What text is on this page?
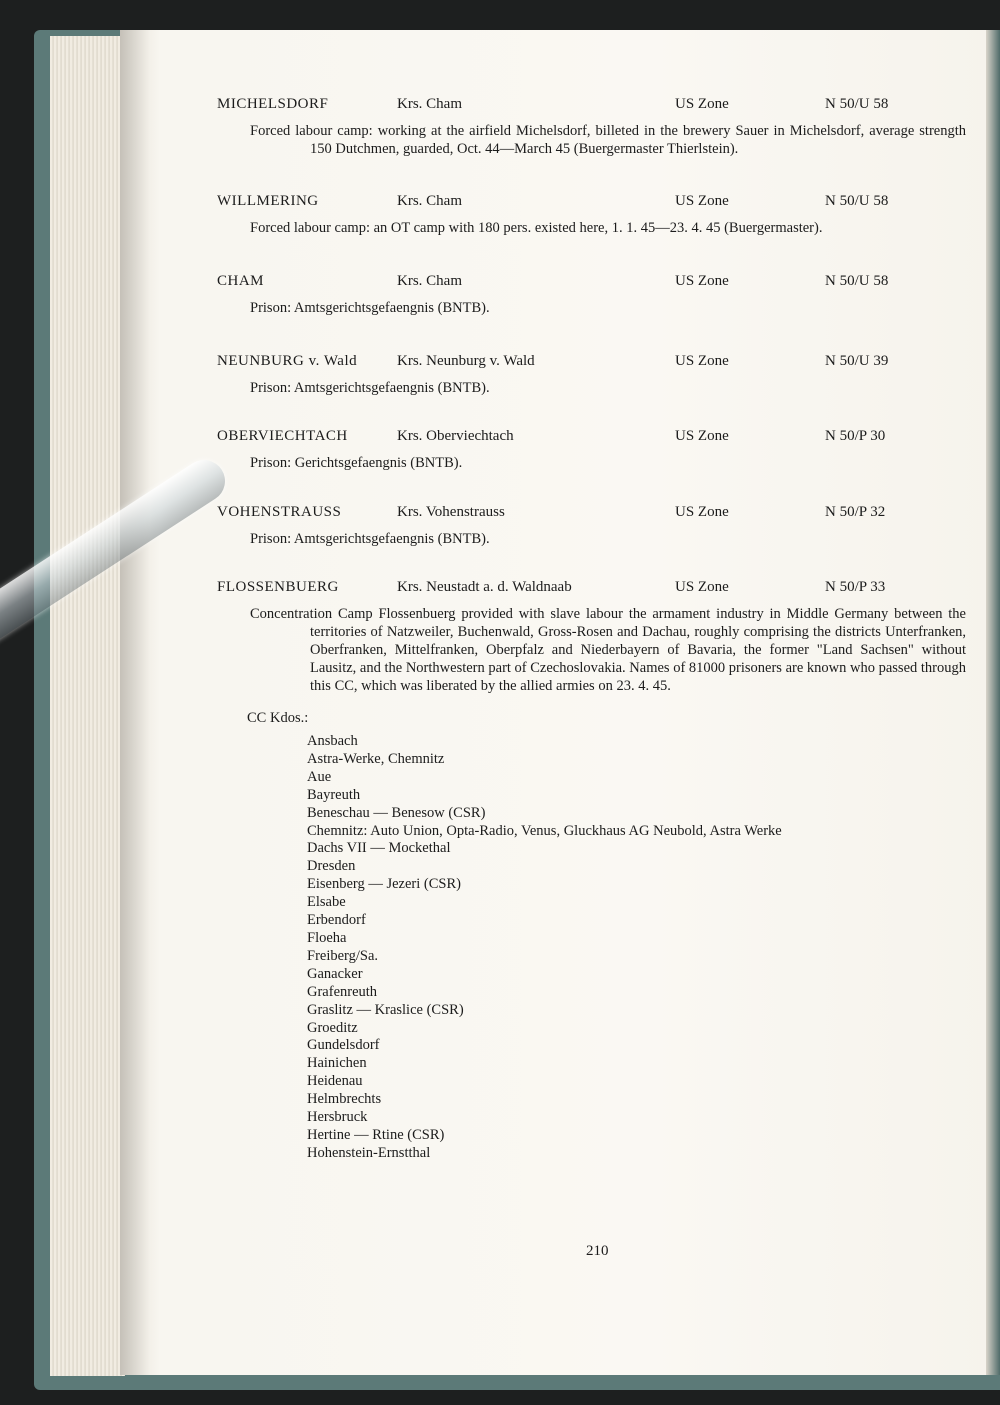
MICHELSDORF	Krs. Cham	US Zone	N 50/U 58
Forced labour camp: working at the airfield Michelsdorf, billeted in the brewery Sauer in Michelsdorf, average strength 150 Dutchmen, guarded, Oct. 44—March 45 (Buergermaster Thierlstein).
WILLMERING	Krs. Cham	US Zone	N 50/U 58
Forced labour camp: an OT camp with 180 pers. existed here, 1. 1. 45—23. 4. 45 (Buergermaster).
CHAM	Krs. Cham	US Zone	N 50/U 58
Prison: Amtsgerichtsgefaengnis (BNTB).
NEUNBURG v. Wald	Krs. Neunburg v. Wald	US Zone	N 50/U 39
Prison: Amtsgerichtsgefaengnis (BNTB).
OBERVIECHTACH	Krs. Oberviechtach	US Zone	N 50/P 30
Prison: Gerichtsgefaengnis (BNTB).
VOHENSTRAUSS	Krs. Vohenstrauss	US Zone	N 50/P 32
Prison: Amtsgerichtsgefaengnis (BNTB).
FLOSSENBUERG	Krs. Neustadt a. d. Waldnaab	US Zone	N 50/P 33
Concentration Camp Flossenbuerg provided with slave labour the armament industry in Middle Germany between the territories of Natzweiler, Buchenwald, Gross-Rosen and Dachau, roughly comprising the districts Unterfranken, Oberfranken, Mittelfranken, Oberpfalz and Niederbayern of Bavaria, the former "Land Sachsen" without Lausitz, and the Northwestern part of Czechoslovakia. Names of 81000 prisoners are known who passed through this CC, which was liberated by the allied armies on 23. 4. 45.
CC Kdos.:
Ansbach
Astra-Werke, Chemnitz
Aue
Bayreuth
Beneschau — Benesow (CSR)
Chemnitz: Auto Union, Opta-Radio, Venus, Gluckhaus AG Neubold, Astra Werke
Dachs VII — Mockethal
Dresden
Eisenberg — Jezeri (CSR)
Elsabe
Erbendorf
Floeha
Freiberg/Sa.
Ganacker
Grafenreuth
Graslitz — Kraslice (CSR)
Groeditz
Gundelsdorf
Hainichen
Heidenau
Helmbrechts
Hersbruck
Hertine — Rtine (CSR)
Hohenstein-Ernstthal
210
